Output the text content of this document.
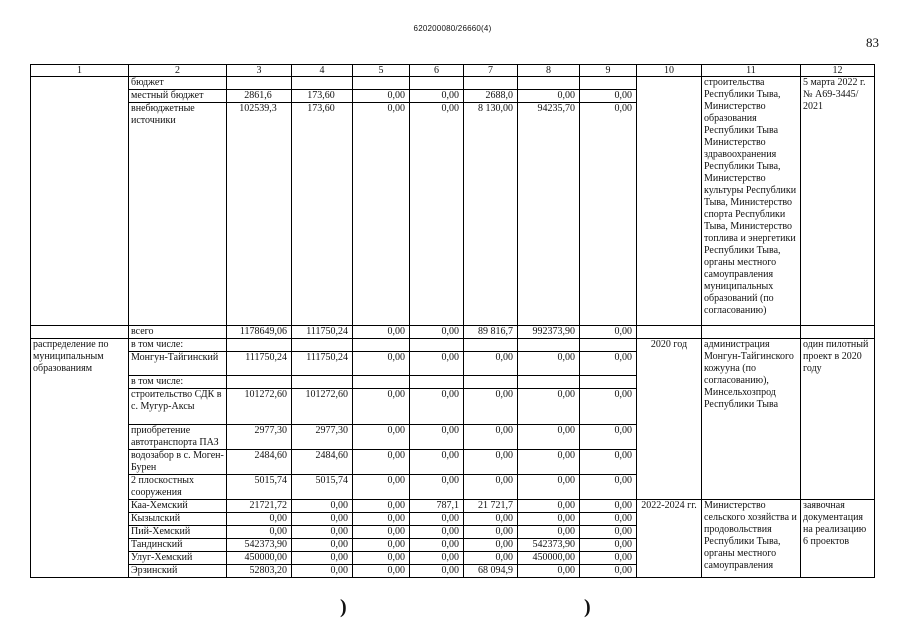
620200080/26660(4)
83
1	2	3	4	5	6	7	8	9	10	11	12
	бюджет									строительства Республики Тыва, Министерство образования Республики Тыва Министерство здравоохранения Республики Тыва, Министерство культуры Республики Тыва, Министерство спорта Республики Тыва, Министерство топлива и энергетики Республики Тыва, органы местного самоуправления муниципальных образований (по согласованию)	5 марта 2022 г. № А69-3445/ 2021
	местный бюджет	2861,6	173,60	0,00	0,00	2688,0	0,00	0,00			
	внебюджетные источники	102539,3	173,60	0,00	0,00	8 130,00	94235,70	0,00			
	всего	1178649,06	111750,24	0,00	0,00	89 816,7	992373,90	0,00			
распределение по муниципальным образованиям	в том числе:								2020 год	администрация Монгун-Тайгинского кожууна (по согласованию), Минсельхозпрод Республики Тыва	один пилотный проект в 2020 году
	Монгун-Тайгинский	111750,24	111750,24	0,00	0,00	0,00	0,00	0,00			
	в том числе:										
	строительство СДК в с. Мугур-Аксы	101272,60	101272,60	0,00	0,00	0,00	0,00	0,00			
	приобретение автотранспорта ПАЗ	2977,30	2977,30	0,00	0,00	0,00	0,00	0,00			
	водозабор в с. Моген-Бурен	2484,60	2484,60	0,00	0,00	0,00	0,00	0,00			
	2 плоскостных сооружения	5015,74	5015,74	0,00	0,00	0,00	0,00	0,00			
	Каа-Хемский	21721,72	0,00	0,00	787,1	21 721,7	0,00	0,00	2022-2024 гг.	Министерство сельского хозяйства и продовольствия Республики Тыва, органы местного самоуправления	заявочная документация на реализацию 6 проектов
	Кызылский	0,00	0,00	0,00	0,00	0,00	0,00	0,00			
	Пий-Хемский	0,00	0,00	0,00	0,00	0,00	0,00	0,00			
	Тандинский	542373,90	0,00	0,00	0,00	0,00	542373,90	0,00			
	Улуг-Хемский	450000,00	0,00	0,00	0,00	0,00	450000,00	0,00			
	Эрзинский	52803,20	0,00	0,00	0,00	68 094,9	0,00	0,00			
)	)
